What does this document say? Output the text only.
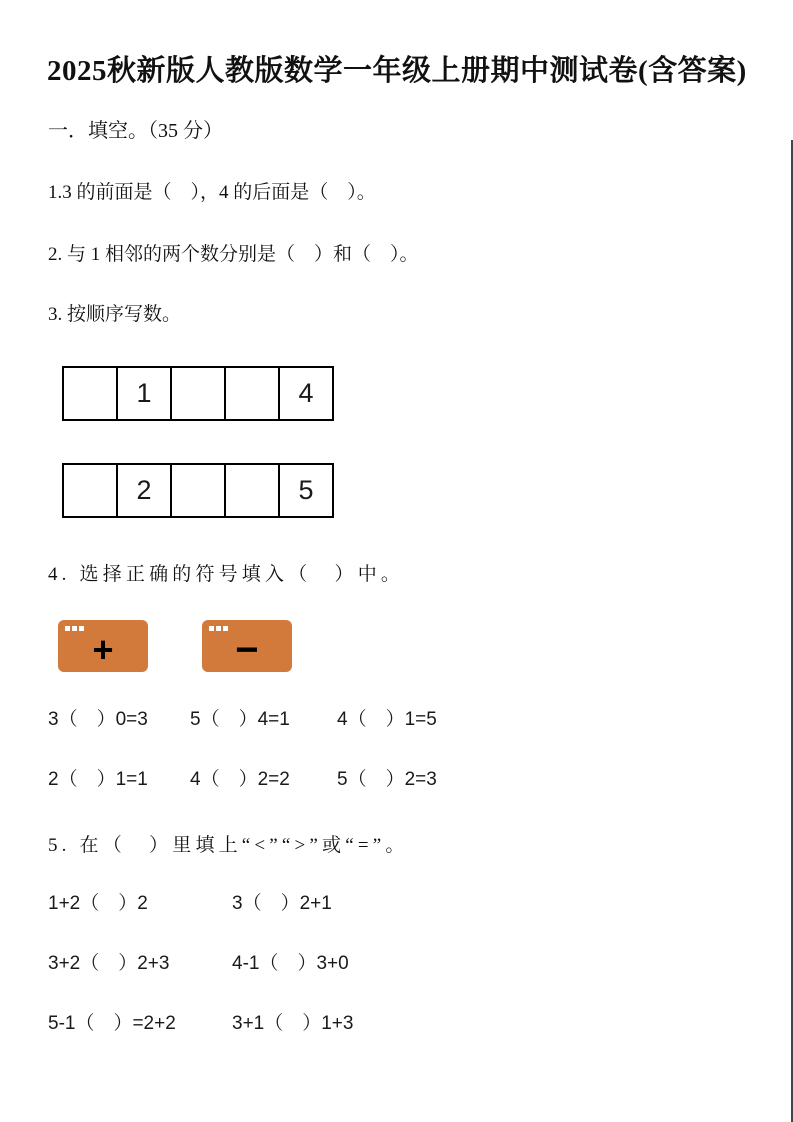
2025秋新版人教版数学一年级上册期中测试卷(含答案)
一．填空。（35 分）
1.3 的前面是（　），4 的后面是（　）。
2. 与 1 相邻的两个数分别是（　）和（　）。
3. 按顺序写数。
	1			4
	2			5
4. 选择正确的符号填入（　）中。
+	−
3（　）0=3 5（　）4=1 4（　）1=5
2（　）1=1 4（　）2=2 5（　）2=3
5. 在（　）里填上“<”“>”或“=”。
1+2（　）2	3（　）2+1
3+2（　）2+3	4-1（　）3+0
5-1（　）=2+2	3+1（　）1+3
